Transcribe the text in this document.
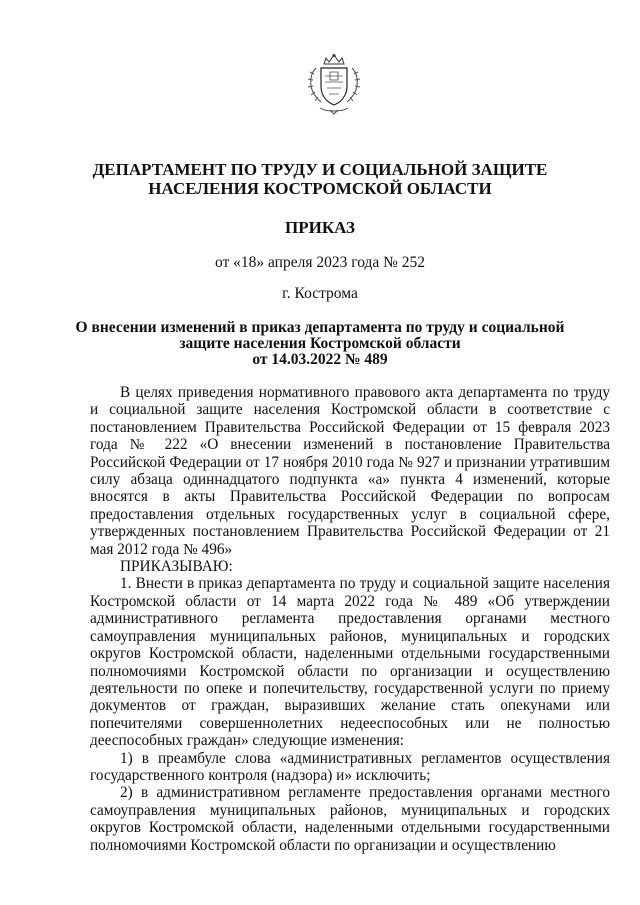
ДЕПАРТАМЕНТ ПО ТРУДУ И СОЦИАЛЬНОЙ ЗАЩИТЕ
НАСЕЛЕНИЯ КОСТРОМСКОЙ ОБЛАСТИ
ПРИКАЗ
от «18» апреля 2023 года № 252
г. Кострома
О внесении изменений в приказ департамента по труду и социальной
защите населения Костромской области
от 14.03.2022 № 489

В целях приведения нормативного правового акта департамента по труду и социальной защите населения Костромской области в соответствие с постановлением Правительства Российской Федерации от 15 февраля 2023 года № 222 «О внесении изменений в постановление Правительства Российской Федерации от 17 ноября 2010 года № 927 и признании утратившим силу абзаца одиннадцатого подпункта «а» пункта 4 изменений, которые вносятся в акты Правительства Российской Федерации по вопросам предоставления отдельных государственных услуг в социальной сфере, утвержденных постановлением Правительства Российской Федерации от 21 мая 2012 года № 496»

ПРИКАЗЫВАЮ:

1. Внести в приказ департамента по труду и социальной защите населения Костромской области от 14 марта 2022 года № 489 «Об утверждении административного регламента предоставления органами местного самоуправления муниципальных районов, муниципальных и городских округов Костромской области, наделенными отдельными государственными полномочиями Костромской области по организации и осуществлению деятельности по опеке и попечительству, государственной услуги по приему документов от граждан, выразивших желание стать опекунами или попечителями совершеннолетних недееспособных или не полностью дееспособных граждан» следующие изменения:

1) в преамбуле слова «административных регламентов осуществления государственного контроля (надзора) и» исключить;

2) в административном регламенте предоставления органами местного самоуправления муниципальных районов, муниципальных и городских округов Костромской области, наделенными отдельными государственными полномочиями Костромской области по организации и осуществлению
